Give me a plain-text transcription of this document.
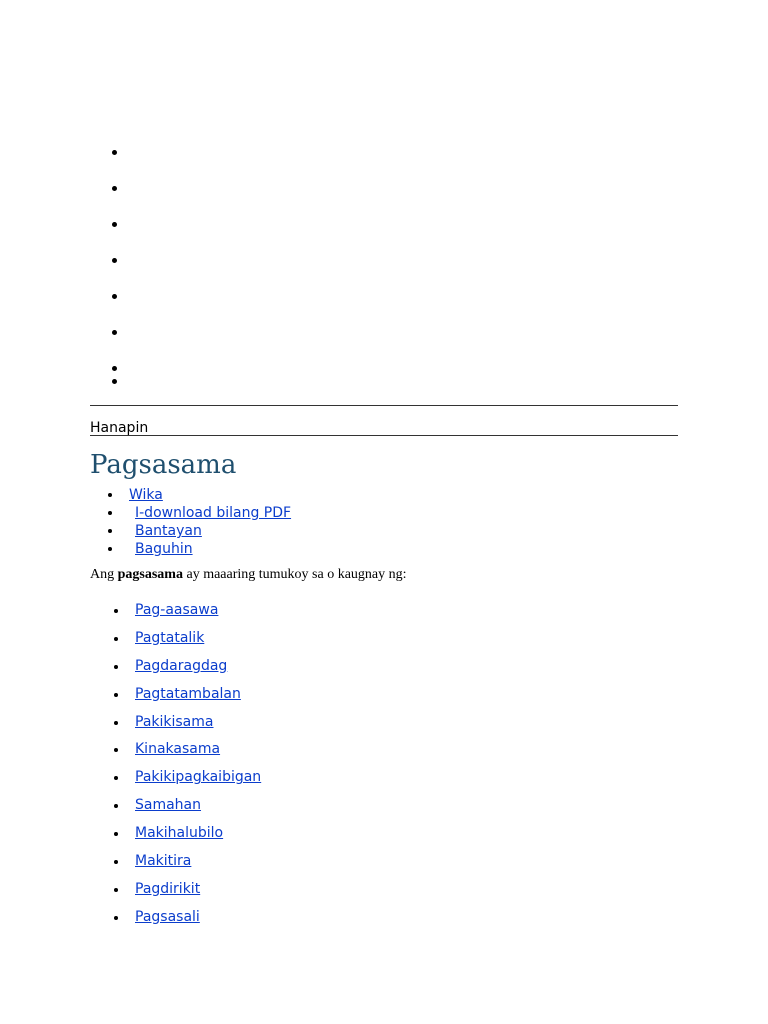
Hanapin
Pagsasama
Wika
I-download bilang PDF
Bantayan
Baguhin

Ang pagsasama ay maaaring tumukoy sa o kaugnay ng:

Pag-aasawa
Pagtatalik
Pagdaragdag
Pagtatambalan
Pakikisama
Kinakasama
Pakikipagkaibigan
Samahan
Makihalubilo
Makitira
Pagdirikit
Pagsasali
